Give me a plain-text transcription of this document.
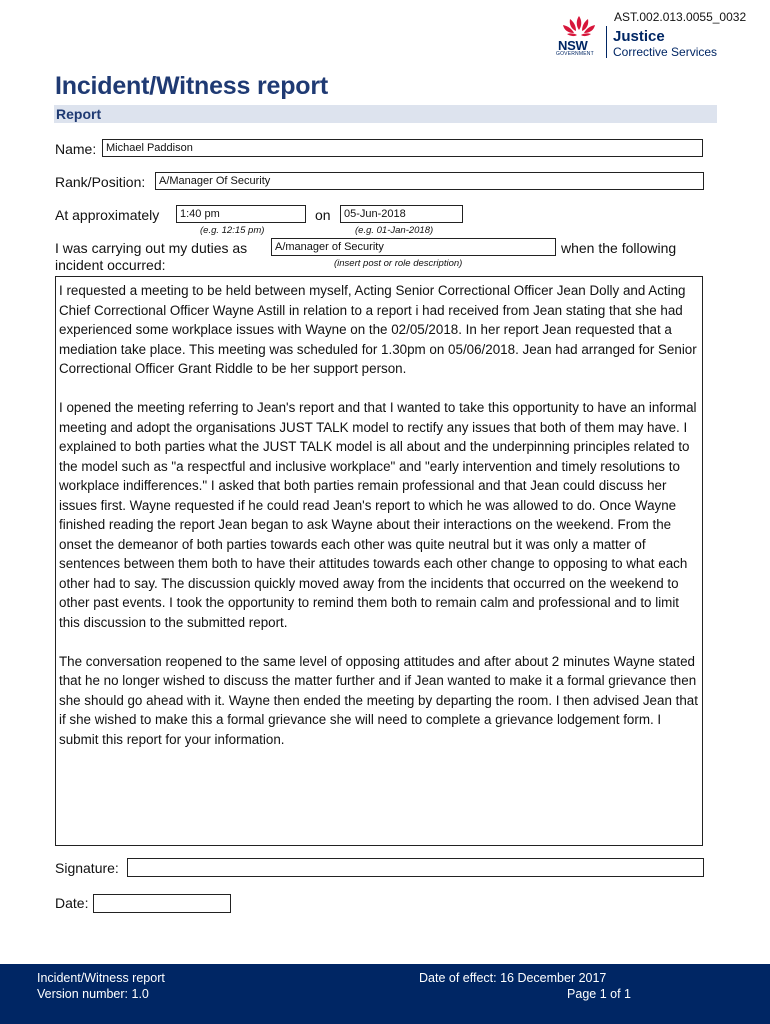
AST.002.013.0055_0032
NSW
GOVERNMENT
Justice
Corrective Services
Incident/Witness report
Report
Name: Michael Paddison
Rank/Position:	A/Manager Of Security
At approximately	1:40 pm
(e.g. 12:15 pm)
on	05-Jun-2018
(e.g. 01-Jan-2018)
I was carrying out my duties as	A/manager of Security	when the following
(insert post or role description)
incident occurred:

I requested a meeting to be held between myself, Acting Senior Correctional Officer Jean Dolly and Acting Chief Correctional Officer Wayne Astill in relation to a report i had received from Jean stating that she had experienced some workplace issues with Wayne on the 02/05/2018. In her report Jean requested that a mediation take place. This meeting was scheduled for 1.30pm on 05/06/2018. Jean had arranged for Senior Correctional Officer Grant Riddle to be her support person.

I opened the meeting referring to Jean's report and that I wanted to take this opportunity to have an informal meeting and adopt the organisations JUST TALK model to rectify any issues that both of them may have. I explained to both parties what the JUST TALK model is all about and the underpinning principles related to the model such as "a respectful and inclusive workplace" and "early intervention and timely resolutions to workplace indifferences." I asked that both parties remain professional and that Jean could discuss her issues first. Wayne requested if he could read Jean's report to which he was allowed to do. Once Wayne finished reading the report Jean began to ask Wayne about their interactions on the weekend. From the onset the demeanor of both parties towards each other was quite neutral but it was only a matter of sentences between them both to have their attitudes towards each other change to opposing to what each other had to say. The discussion quickly moved away from the incidents that occurred on the weekend to other past events. I took the opportunity to remind them both to remain calm and professional and to limit this discussion to the submitted report.

The conversation reopened to the same level of opposing attitudes and after about 2 minutes Wayne stated that he no longer wished to discuss the matter further and if Jean wanted to make it a formal grievance then she should go ahead with it. Wayne then ended the meeting by departing the room. I then advised Jean that if she wished to make this a formal grievance she will need to complete a grievance lodgement form. I submit this report for your information.

Signature:
Date:
Incident/Witness report
Version number: 1.0
Date of effect: 16 December 2017
Page 1 of 1
